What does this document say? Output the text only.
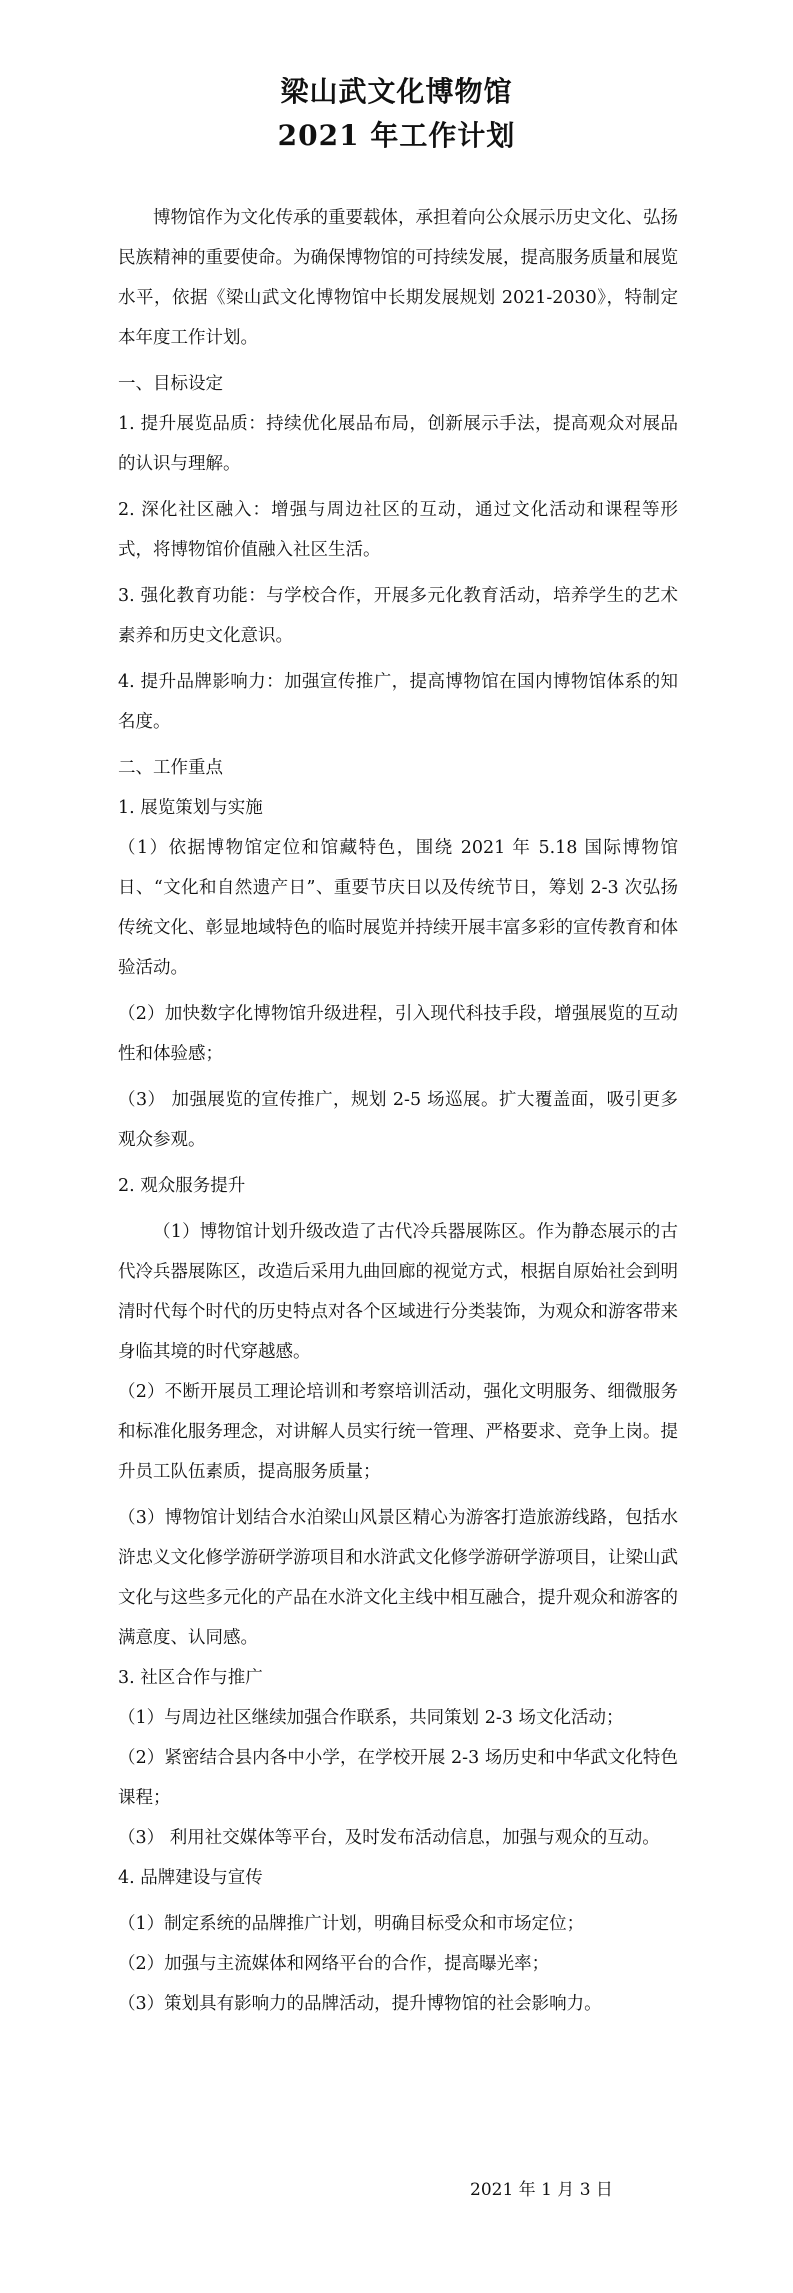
梁山武文化博物馆
2021 年工作计划

博物馆作为文化传承的重要载体，承担着向公众展示历史文化、弘扬民族精神的重要使命。为确保博物馆的可持续发展，提高服务质量和展览水平，依据《梁山武文化博物馆中长期发展规划 2021-2030》，特制定本年度工作计划。

一、目标设定

1. 提升展览品质：持续优化展品布局，创新展示手法，提高观众对展品的认识与理解。

2. 深化社区融入：增强与周边社区的互动，通过文化活动和课程等形式，将博物馆价值融入社区生活。

3. 强化教育功能：与学校合作，开展多元化教育活动，培养学生的艺术素养和历史文化意识。

4. 提升品牌影响力：加强宣传推广，提高博物馆在国内博物馆体系的知名度。

二、工作重点

1. 展览策划与实施

（1）依据博物馆定位和馆藏特色，围绕 2021 年 5.18 国际博物馆日、“文化和自然遗产日”、重要节庆日以及传统节日，筹划 2-3 次弘扬传统文化、彰显地域特色的临时展览并持续开展丰富多彩的宣传教育和体验活动。

（2）加快数字化博物馆升级进程，引入现代科技手段，增强展览的互动性和体验感；

（3） 加强展览的宣传推广，规划 2-5 场巡展。扩大覆盖面，吸引更多观众参观。

2. 观众服务提升

（1）博物馆计划升级改造了古代冷兵器展陈区。作为静态展示的古代冷兵器展陈区，改造后采用九曲回廊的视觉方式，根据自原始社会到明清时代每个时代的历史特点对各个区域进行分类装饰，为观众和游客带来身临其境的时代穿越感。

（2）不断开展员工理论培训和考察培训活动，强化文明服务、细微服务和标准化服务理念，对讲解人员实行统一管理、严格要求、竞争上岗。提升员工队伍素质，提高服务质量；

（3）博物馆计划结合水泊梁山风景区精心为游客打造旅游线路，包括水浒忠义文化修学游研学游项目和水浒武文化修学游研学游项目，让梁山武文化与这些多元化的产品在水浒文化主线中相互融合，提升观众和游客的满意度、认同感。

3. 社区合作与推广

（1）与周边社区继续加强合作联系，共同策划 2-3 场文化活动；

（2）紧密结合县内各中小学，在学校开展 2-3 场历史和中华武文化特色课程；

（3） 利用社交媒体等平台，及时发布活动信息，加强与观众的互动。

4. 品牌建设与宣传

（1）制定系统的品牌推广计划，明确目标受众和市场定位；

（2）加强与主流媒体和网络平台的合作，提高曝光率；

（3）策划具有影响力的品牌活动，提升博物馆的社会影响力。

2021 年 1 月 3 日
